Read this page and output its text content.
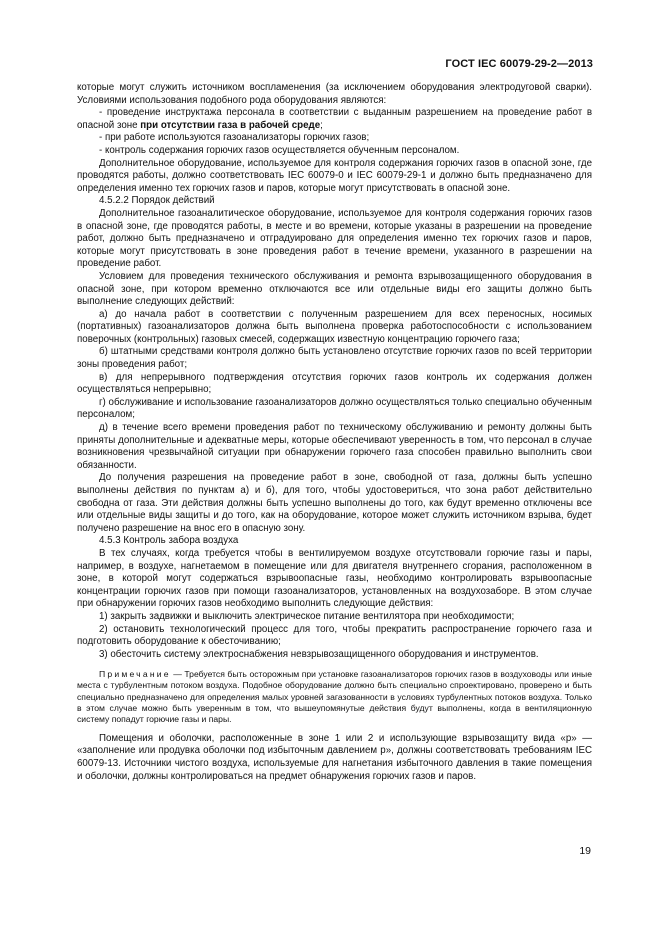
ГОСТ IEC 60079-29-2—2013

которые могут служить источником воспламенения (за исключением оборудования электродуговой сварки). Условиями использования подобного рода оборудования являются:

- проведение инструктажа персонала в соответствии с выданным разрешением на проведение работ в опасной зоне при отсутствии газа в рабочей среде;

- при работе используются газоанализаторы горючих газов;

- контроль содержания горючих газов осуществляется обученным персоналом.

Дополнительное оборудование, используемое для контроля содержания горючих газов в опасной зоне, где проводятся работы, должно соответствовать IEC 60079-0 и IEC 60079-29-1 и должно быть предназначено для определения именно тех горючих газов и паров, которые могут присутствовать в опасной зоне.

4.5.2.2 Порядок действий

Дополнительное газоаналитическое оборудование, используемое для контроля содержания горючих газов в опасной зоне, где проводятся работы, в месте и во времени, которые указаны в разрешении на проведение работ, должно быть предназначено и отградуировано для определения именно тех горючих газов и паров, которые могут присутствовать в зоне проведения работ в течение времени, указанного в разрешении на проведение работ.

Условием для проведения технического обслуживания и ремонта взрывозащищенного оборудования в опасной зоне, при котором временно отключаются все или отдельные виды его защиты должно быть выполнение следующих действий:

а) до начала работ в соответствии с полученным разрешением для всех переносных, носимых (портативных) газоанализаторов должна быть выполнена проверка работоспособности с использованием поверочных (контрольных) газовых смесей, содержащих известную концентрацию горючего газа;

б) штатными средствами контроля должно быть установлено отсутствие горючих газов по всей территории зоны проведения работ;

в) для непрерывного подтверждения отсутствия горючих газов контроль их содержания должен осуществляться непрерывно;

г) обслуживание и использование газоанализаторов должно осуществляться только специально обученным персоналом;

д) в течение всего времени проведения работ по техническому обслуживанию и ремонту должны быть приняты дополнительные и адекватные меры, которые обеспечивают уверенность в том, что персонал в случае возникновения чрезвычайной ситуации при обнаружении горючего газа способен правильно выполнить свои обязанности.

До получения разрешения на проведение работ в зоне, свободной от газа, должны быть успешно выполнены действия по пунктам а) и б), для того, чтобы удостовериться, что зона работ действительно свободна от газа. Эти действия должны быть успешно выполнены до того, как будут временно отключены все или отдельные виды защиты и до того, как на оборудование, которое может служить источником взрыва, будет получено разрешение на внос его в опасную зону.

4.5.3 Контроль забора воздуха

В тех случаях, когда требуется чтобы в вентилируемом воздухе отсутствовали горючие газы и пары, например, в воздухе, нагнетаемом в помещение или для двигателя внутреннего сгорания, расположенном в зоне, в которой могут содержаться взрывоопасные газы, необходимо контролировать взрывоопасные концентрации горючих газов при помощи газоанализаторов, установленных на воздухозаборе. В этом случае при обнаружении горючих газов необходимо выполнить следующие действия:

1) закрыть задвижки и выключить электрическое питание вентилятора при необходимости;

2) остановить технологический процесс для того, чтобы прекратить распространение горючего газа и подготовить оборудование к обесточиванию;

3) обесточить систему электроснабжения невзрывозащищенного оборудования и инструментов.

Примечание — Требуется быть осторожным при установке газоанализаторов горючих газов в воздуховоды или иные места с турбулентным потоком воздуха. Подобное оборудование должно быть специально спроектировано, проверено и быть специально предназначено для определения малых уровней загазованности в условиях турбулентных потоков воздуха. Только в этом случае можно быть уверенным в том, что вышеупомянутые действия будут выполнены, когда в вентиляционную систему попадут горючие газы и пары.

Помещения и оболочки, расположенные в зоне 1 или 2 и использующие взрывозащиту вида «р» — «заполнение или продувка оболочки под избыточным давлением р», должны соответствовать требованиям IEC 60079-13. Источники чистого воздуха, используемые для нагнетания избыточного давления в такие помещения и оболочки, должны контролироваться на предмет обнаружения горючих газов и паров.

19
